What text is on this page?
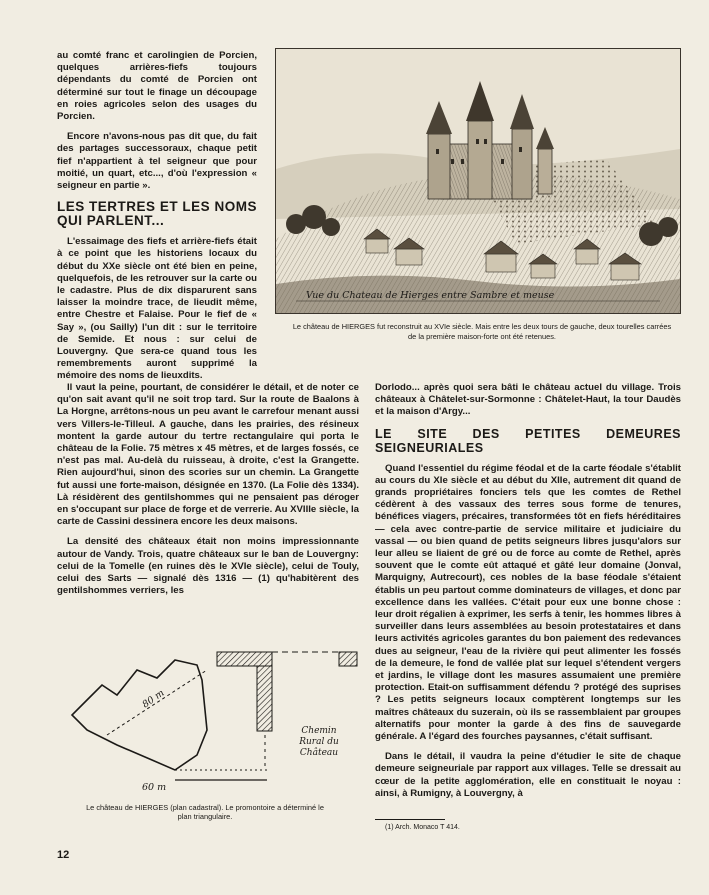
au comté franc et carolingien de Porcien, quelques arrières-fiefs toujours dépendants du comté de Porcien ont déterminé sur tout le finage un découpage en roies agricoles selon des usages du Porcien.

Encore n'avons-nous pas dit que, du fait des partages successoraux, chaque petit fief n'appartient à tel seigneur que pour moitié, un quart, etc..., d'où l'expression « seigneur en partie ».

LES TERTRES ET LES NOMS QUI PARLENT...

L'essaimage des fiefs et arrière-fiefs était à ce point que les historiens locaux du début du XXe siècle ont été bien en peine, quelquefois, de les retrouver sur la carte ou le cadastre. Plus de dix disparurent sans laisser la moindre trace, de lieudit même, entre Chestre et Falaise. Pour le fief de « Say », (ou Sailly) l'un dit : sur le territoire de Semide. Et nous : sur celui de Louvergny. Que sera-ce quand tous les remembrements auront supprimé la mémoire des noms de lieuxdits.

Vue du Chateau de Hierges entre Sambre et meuse
Le château de HIERGES fut reconstruit au XVIe siècle. Mais entre les deux tours de gauche, deux tourelles carrées de la première maison-forte ont été retenues.

Il vaut la peine, pourtant, de considérer le détail, et de noter ce qu'on sait avant qu'il ne soit trop tard. Sur la route de Baalons à La Horgne, arrêtons-nous un peu avant le carrefour menant aussi vers Villers-le-Tilleul. A gauche, dans les prairies, des résineux montent la garde autour du tertre rectangulaire qui porta le château de la Folie. 75 mètres x 45 mètres, et de larges fossés, ce n'est pas mal. Au-delà du ruisseau, à droite, c'est la Grangette. Rien aujourd'hui, sinon des scories sur un chemin. La Grangette fut aussi une forte-maison, désignée en 1370. (La Folie dès 1334). Là résidèrent des gentilshommes qui ne pensaient pas déroger en s'occupant sur place de forge et de verrerie. Au XVIIIe siècle, la carte de Cassini dessinera encore les deux maisons.

La densité des châteaux était non moins impressionnante autour de Vandy. Trois, quatre châteaux sur le ban de Louvergny: celui de la Tomelle (en ruines dès le XVIe siècle), celui de Touly, celui des Sarts — signalé dès 1316 — (1) qu'habitèrent des gentilshommes verriers, les

Dorlodo... après quoi sera bâti le château actuel du village. Trois châteaux à Châtelet-sur-Sormonne : Châtelet-Haut, la tour Daudès et la maison d'Argy...

LE SITE DES PETITES DEMEURES SEIGNEURIALES

Quand l'essentiel du régime féodal et de la carte féodale s'établit au cours du XIe siècle et au début du XIIe, autrement dit quand de grands propriétaires fonciers tels que les comtes de Rethel cédèrent à des vassaux des terres sous forme de tenures, bénéfices viagers, précaires, transformées tôt en fiefs héréditaires — cela avec contre-partie de service militaire et judiciaire du vassal — ou bien quand de petits seigneurs libres jusqu'alors sur leur alleu se liaient de gré ou de force au comte de Rethel, après souvent que le comte eût attaqué et gâté leur domaine (Jonval, Marquigny, Autrecourt), ces nobles de la base féodale s'étaient établis un peu partout comme dominateurs de villages, et donc par excellence dans les vallées. C'était pour eux une bonne chose : leur droit régalien à exprimer, les serfs à tenir, les hommes libres à surveiller dans leurs assemblées au besoin protestataires et dans leurs activités agricoles garantes du bon paiement des redevances dues au seigneur, l'eau de la rivière qui peut alimenter les fossés de la demeure, le fond de vallée plat sur lequel s'étendent vergers et jardins, le village dont les masures assumaient une première protection. Etait-on suffisamment défendu ? protégé des suprises ? Les petits seigneurs locaux comptèrent longtemps sur les maîtres châteaux du suzerain, où ils se rassemblaient par groupes alternatifs pour monter la garde à des fins de sauvegarde générale. A l'égard des fourches paysannes, c'était suffisant.

Dans le détail, il vaudra la peine d'étudier le site de chaque demeure seigneuriale par rapport aux villages. Telle se dressait au cœur de la petite agglomération, elle en constituait le noyau : ainsi, à Rumigny, à Louvergny, à

80 m
60 m
Chemin Rural du Château
Le château de HIERGES (plan cadastral). Le promontoire a déterminé le plan triangulaire.
(1) Arch. Monaco T 414.
12
